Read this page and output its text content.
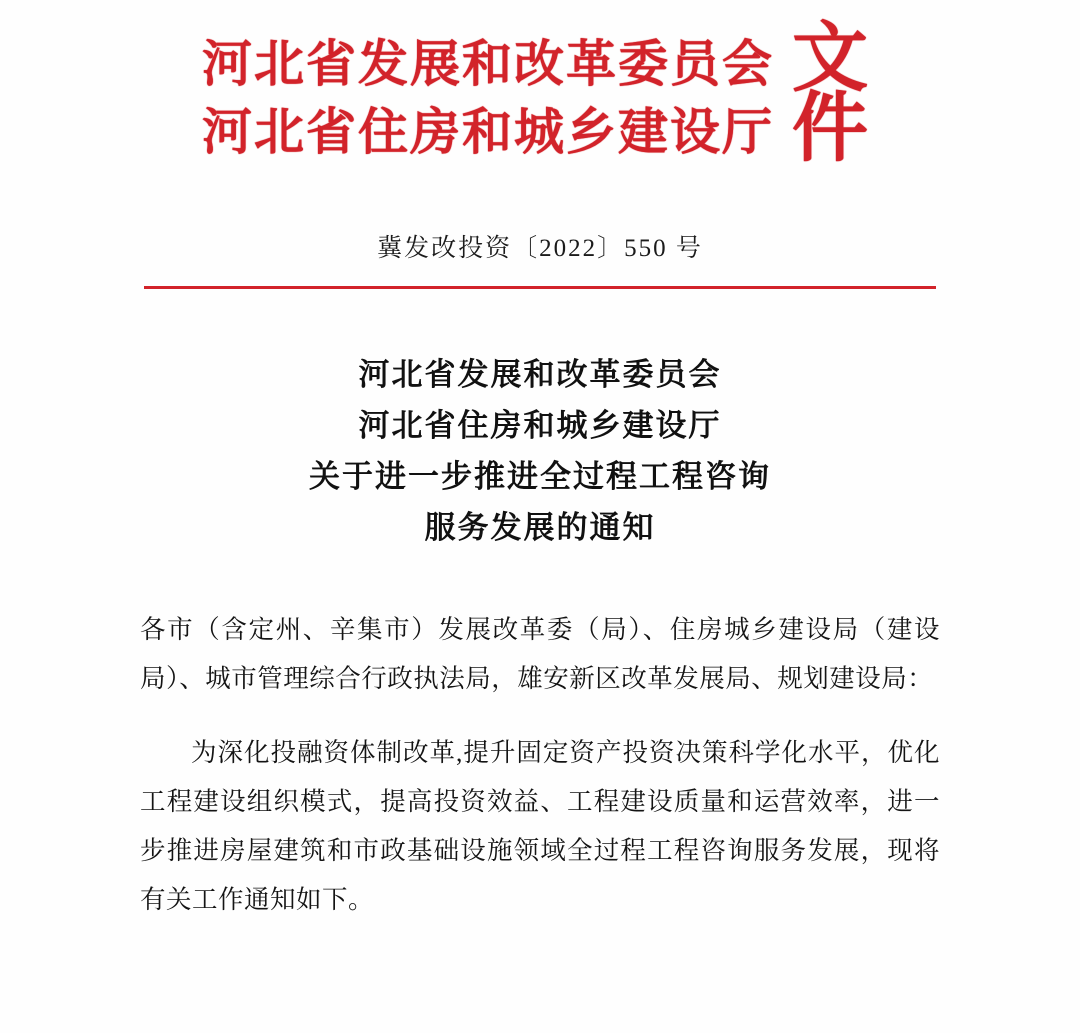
河北省发展和改革委员会
河北省住房和城乡建设厅
文
件
冀发改投资〔2022〕550 号
河北省发展和改革委员会
河北省住房和城乡建设厅
关于进一步推进全过程工程咨询
服务发展的通知

各市（含定州、辛集市）发展改革委（局）、住房城乡建设局（建设局）、城市管理综合行政执法局，雄安新区改革发展局、规划建设局：

为深化投融资体制改革,提升固定资产投资决策科学化水平，优化工程建设组织模式，提高投资效益、工程建设质量和运营效率，进一步推进房屋建筑和市政基础设施领域全过程工程咨询服务发展，现将有关工作通知如下。
